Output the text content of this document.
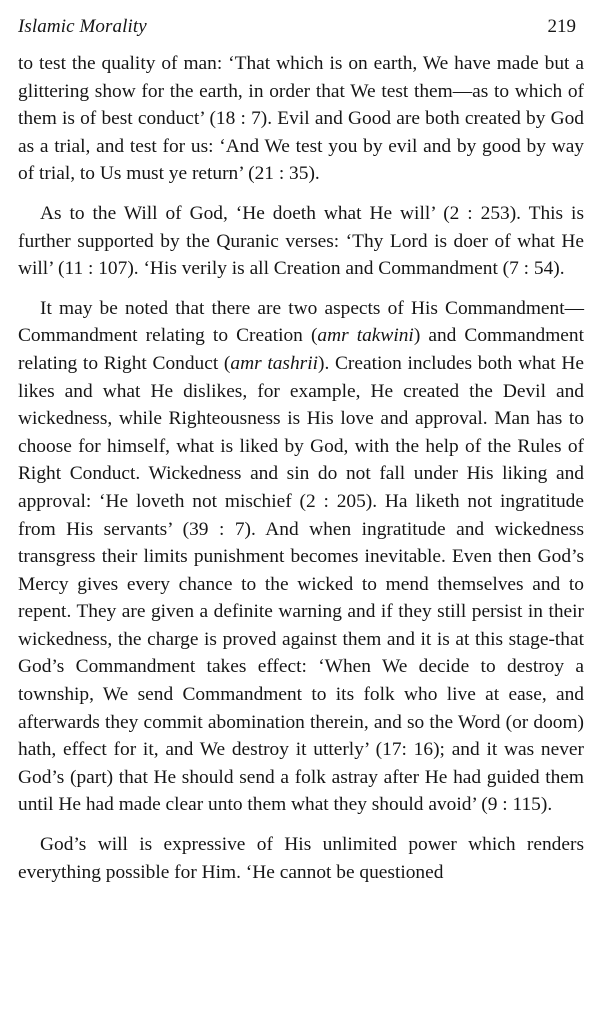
Islamic Morality	219

to test the quality of man: ‘That which is on earth, We have made but a glittering show for the earth, in order that We test them—as to which of them is of best conduct’ (18 : 7). Evil and Good are both created by God as a trial, and test for us: ‘And We test you by evil and by good by way of trial, to Us must ye return’ (21 : 35).

As to the Will of God, ‘He doeth what He will’ (2 : 253). This is further supported by the Quranic verses: ‘Thy Lord is doer of what He will’ (11 : 107). ‘His verily is all Creation and Commandment (7 : 54).

It may be noted that there are two aspects of His Commandment—Commandment relating to Creation (amr takwini) and Commandment relating to Right Conduct (amr tashrii). Creation includes both what He likes and what He dislikes, for example, He created the Devil and wickedness, while Righteousness is His love and approval. Man has to choose for himself, what is liked by God, with the help of the Rules of Right Conduct. Wickedness and sin do not fall under His liking and approval: ‘He loveth not mischief (2 : 205). Ha liketh not ingratitude from His servants’ (39 : 7). And when ingratitude and wickedness transgress their limits punishment becomes inevitable. Even then God’s Mercy gives every chance to the wicked to mend themselves and to repent. They are given a definite warning and if they still persist in their wickedness, the charge is proved against them and it is at this stage-that God’s Commandment takes effect: ‘When We decide to destroy a township, We send Commandment to its folk who live at ease, and afterwards they commit abomination therein, and so the Word (or doom) hath, effect for it, and We destroy it utterly’ (17: 16); and it was never God’s (part) that He should send a folk astray after He had guided them until He had made clear unto them what they should avoid’ (9 : 115).

God’s will is expressive of His unlimited power which renders everything possible for Him. ‘He cannot be questioned
